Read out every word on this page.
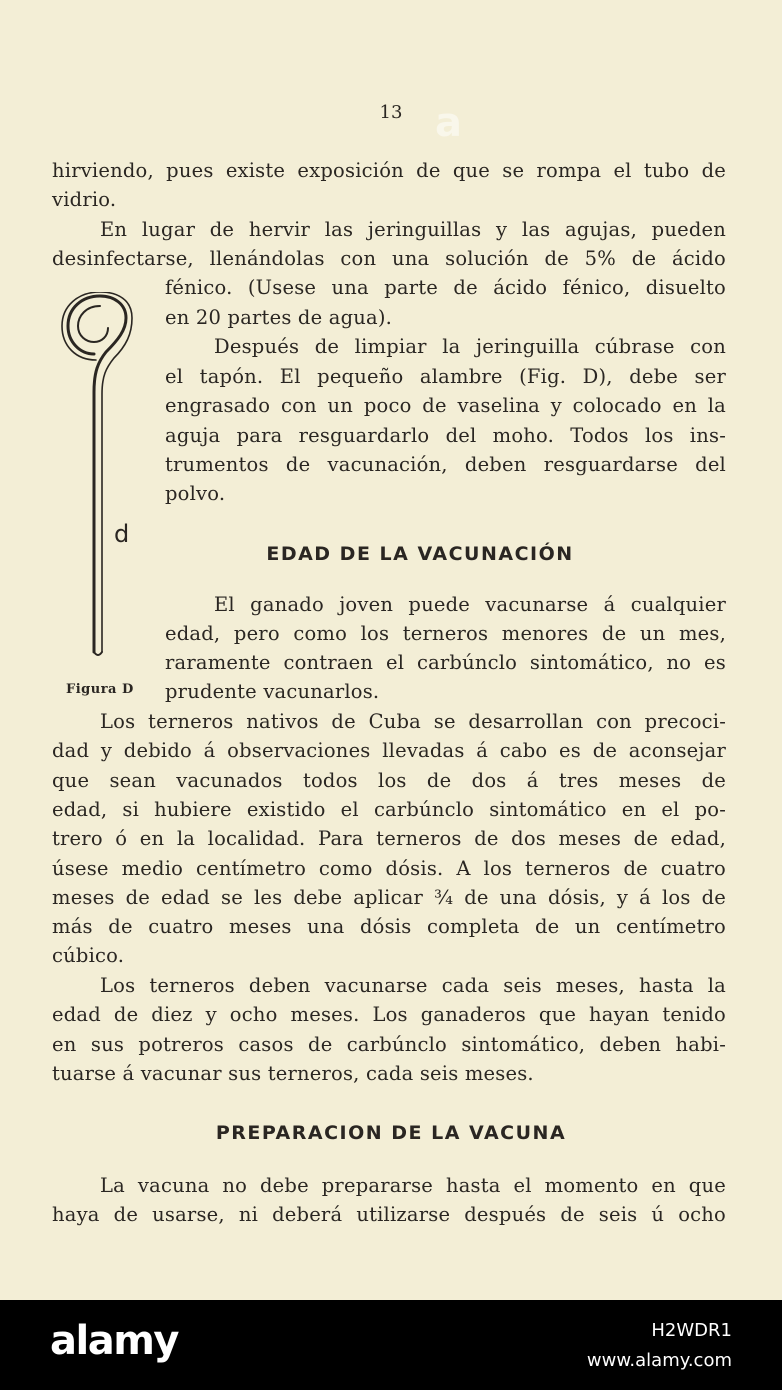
13
hirviendo, pues existe exposición de que se rompa el tubo de
vidrio.
En lugar de hervir las jeringuillas y las agujas, pueden
desinfectarse, llenándolas con una solución de 5% de ácido
fénico. (Usese una parte de ácido fénico, disuelto
en 20 partes de agua).
Después de limpiar la jeringuilla cúbrase con
el tapón. El pequeño alambre (Fig. D), debe ser
engrasado con un poco de vaselina y colocado en la
aguja para resguardarlo del moho. Todos los ins-
trumentos de vacunación, deben resguardarse del
polvo.
EDAD DE LA VACUNACIÓN
El ganado joven puede vacunarse á cualquier
edad, pero como los terneros menores de un mes,
raramente contraen el carbúnclo sintomático, no es
prudente vacunarlos.
Los terneros nativos de Cuba se desarrollan con precoci-
dad y debido á observaciones llevadas á cabo es de aconsejar
que sean vacunados todos los de dos á tres meses de
edad, si hubiere existido el carbúnclo sintomático en el po-
trero ó en la localidad. Para terneros de dos meses de edad,
úsese medio centímetro como dósis. A los terneros de cuatro
meses de edad se les debe aplicar ¾ de una dósis, y á los de
más de cuatro meses una dósis completa de un centímetro
cúbico.
Los terneros deben vacunarse cada seis meses, hasta la
edad de diez y ocho meses. Los ganaderos que hayan tenido
en sus potreros casos de carbúnclo sintomático, deben habi-
tuarse á vacunar sus terneros, cada seis meses.
PREPARACION DE LA VACUNA
La vacuna no debe prepararse hasta el momento en que
haya de usarse, ni deberá utilizarse después de seis ú ocho
d
Figura D
a
alamy	H2WDR1
www.alamy.com
